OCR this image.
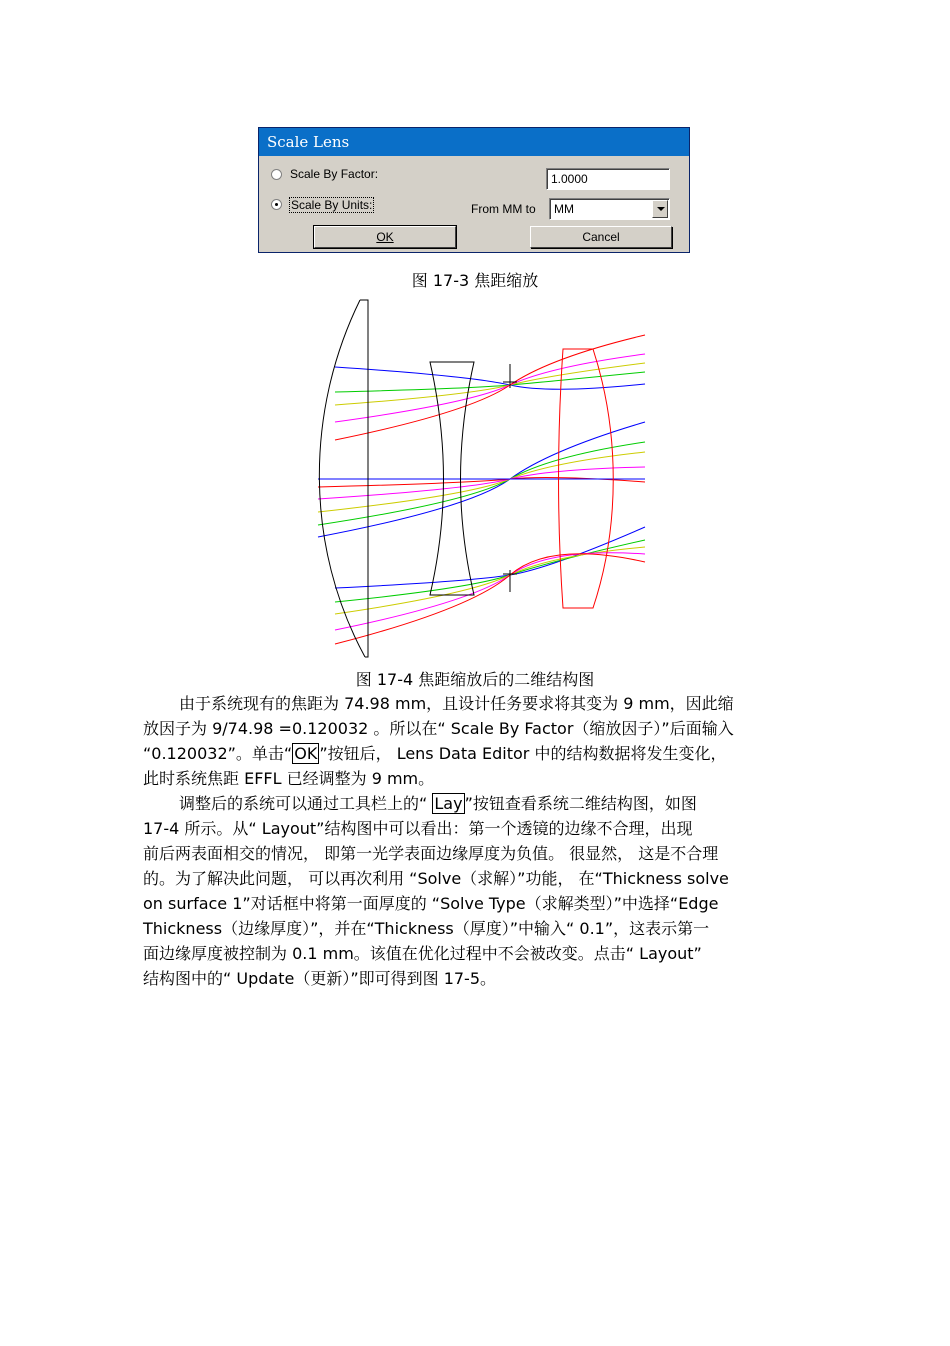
Scale Lens
Scale By Factor:
Scale By Units:
1.0000
From MM to	MM
OK	Cancel
图 17-3 焦距缩放
图 17-4 焦距缩放后的二维结构图

由于系统现有的焦距为 74.98 mm，且设计任务要求将其变为 9 mm，因此缩

放因子为 9/74.98 =0.120032 。所以在“ Scale By Factor（缩放因子）”后面输入

“0.120032”。单击“ OK ”按钮后， Lens Data Editor 中的结构数据将发生变化，

此时系统焦距 EFFL 已经调整为 9 mm。

调整后的系统可以通过工具栏上的“ Lay ”按钮查看系统二维结构图，如图

17-4 所示。从“ Layout”结构图中可以看出：第一个透镜的边缘不合理，出现

前后两表面相交的情况， 即第一光学表面边缘厚度为负值。 很显然， 这是不合理

的。为了解决此问题， 可以再次利用 “Solve（求解）”功能， 在“Thickness solve

on surface 1”对话框中将第一面厚度的 “Solve Type（求解类型）”中选择“Edge

Thickness（边缘厚度）”，并在“Thickness（厚度）”中输入“ 0.1”，这表示第一

面边缘厚度被控制为 0.1 mm。该值在优化过程中不会被改变。点击“ Layout”

结构图中的“ Update（更新）”即可得到图 17-5。
